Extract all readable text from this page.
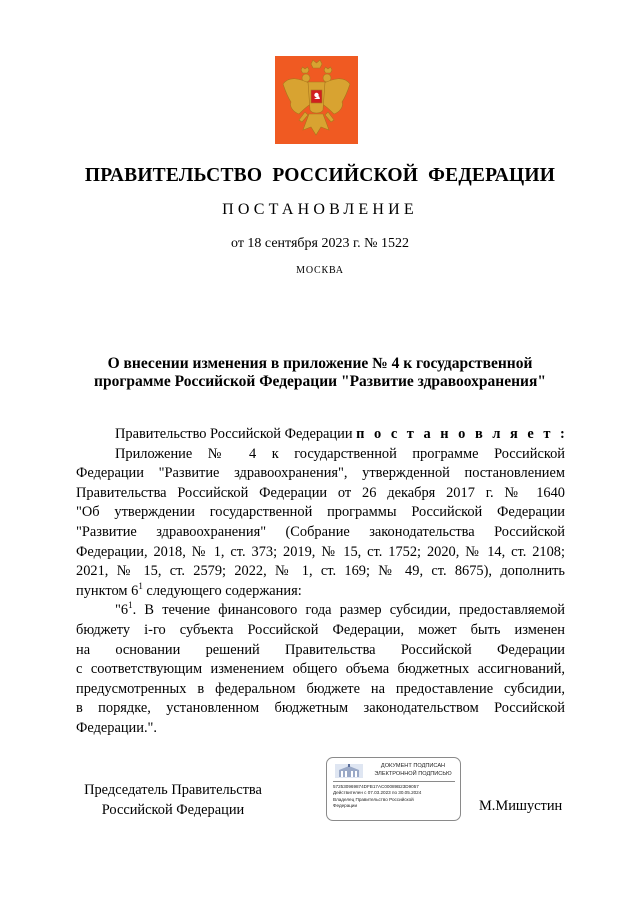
ПРАВИТЕЛЬСТВО РОССИЙСКОЙ ФЕДЕРАЦИИ
ПОСТАНОВЛЕНИЕ
от 18 сентября 2023 г. № 1522
МОСКВА
О внесении изменения в приложение № 4 к государственной
программе Российской Федерации "Развитие здравоохранения"
Правительство Российской Федерации п о с т а н о в л я е т :
Приложение № 4 к государственной программе Российской
Федерации "Развитие здравоохранения", утвержденной постановлением
Правительства Российской Федерации от 26 декабря 2017 г. № 1640
"Об утверждении государственной программы Российской Федерации
"Развитие здравоохранения" (Собрание законодательства Российской
Федерации, 2018, № 1, ст. 373; 2019, № 15, ст. 1752; 2020, № 14, ст. 2108;
2021, № 15, ст. 2579; 2022, № 1, ст. 169; № 49, ст. 8675), дополнить
пунктом $6^1$ следующего содержания:
"$6^1$. В течение финансового года размер субсидии, предоставляемой
бюджету i-го субъекта Российской Федерации, может быть изменен
на основании решений Правительства Российской Федерации
с соответствующим изменением общего объема бюджетных ассигнований,
предусмотренных в федеральном бюджете на предоставление субсидии,
в порядке, установленном бюджетным законодательством Российской
Федерации.".
Председатель Правительства
Российской Федерации
ДОКУМЕНТ ПОДПИСАН
ЭЛЕКТРОННОЙ ПОДПИСЬЮ
572530969874DFB17AC00089B23D9057
Действителен с 07.03.2023 по 30.05.2024
Владелец Правительство Российской
Федерации	М.Мишустин
